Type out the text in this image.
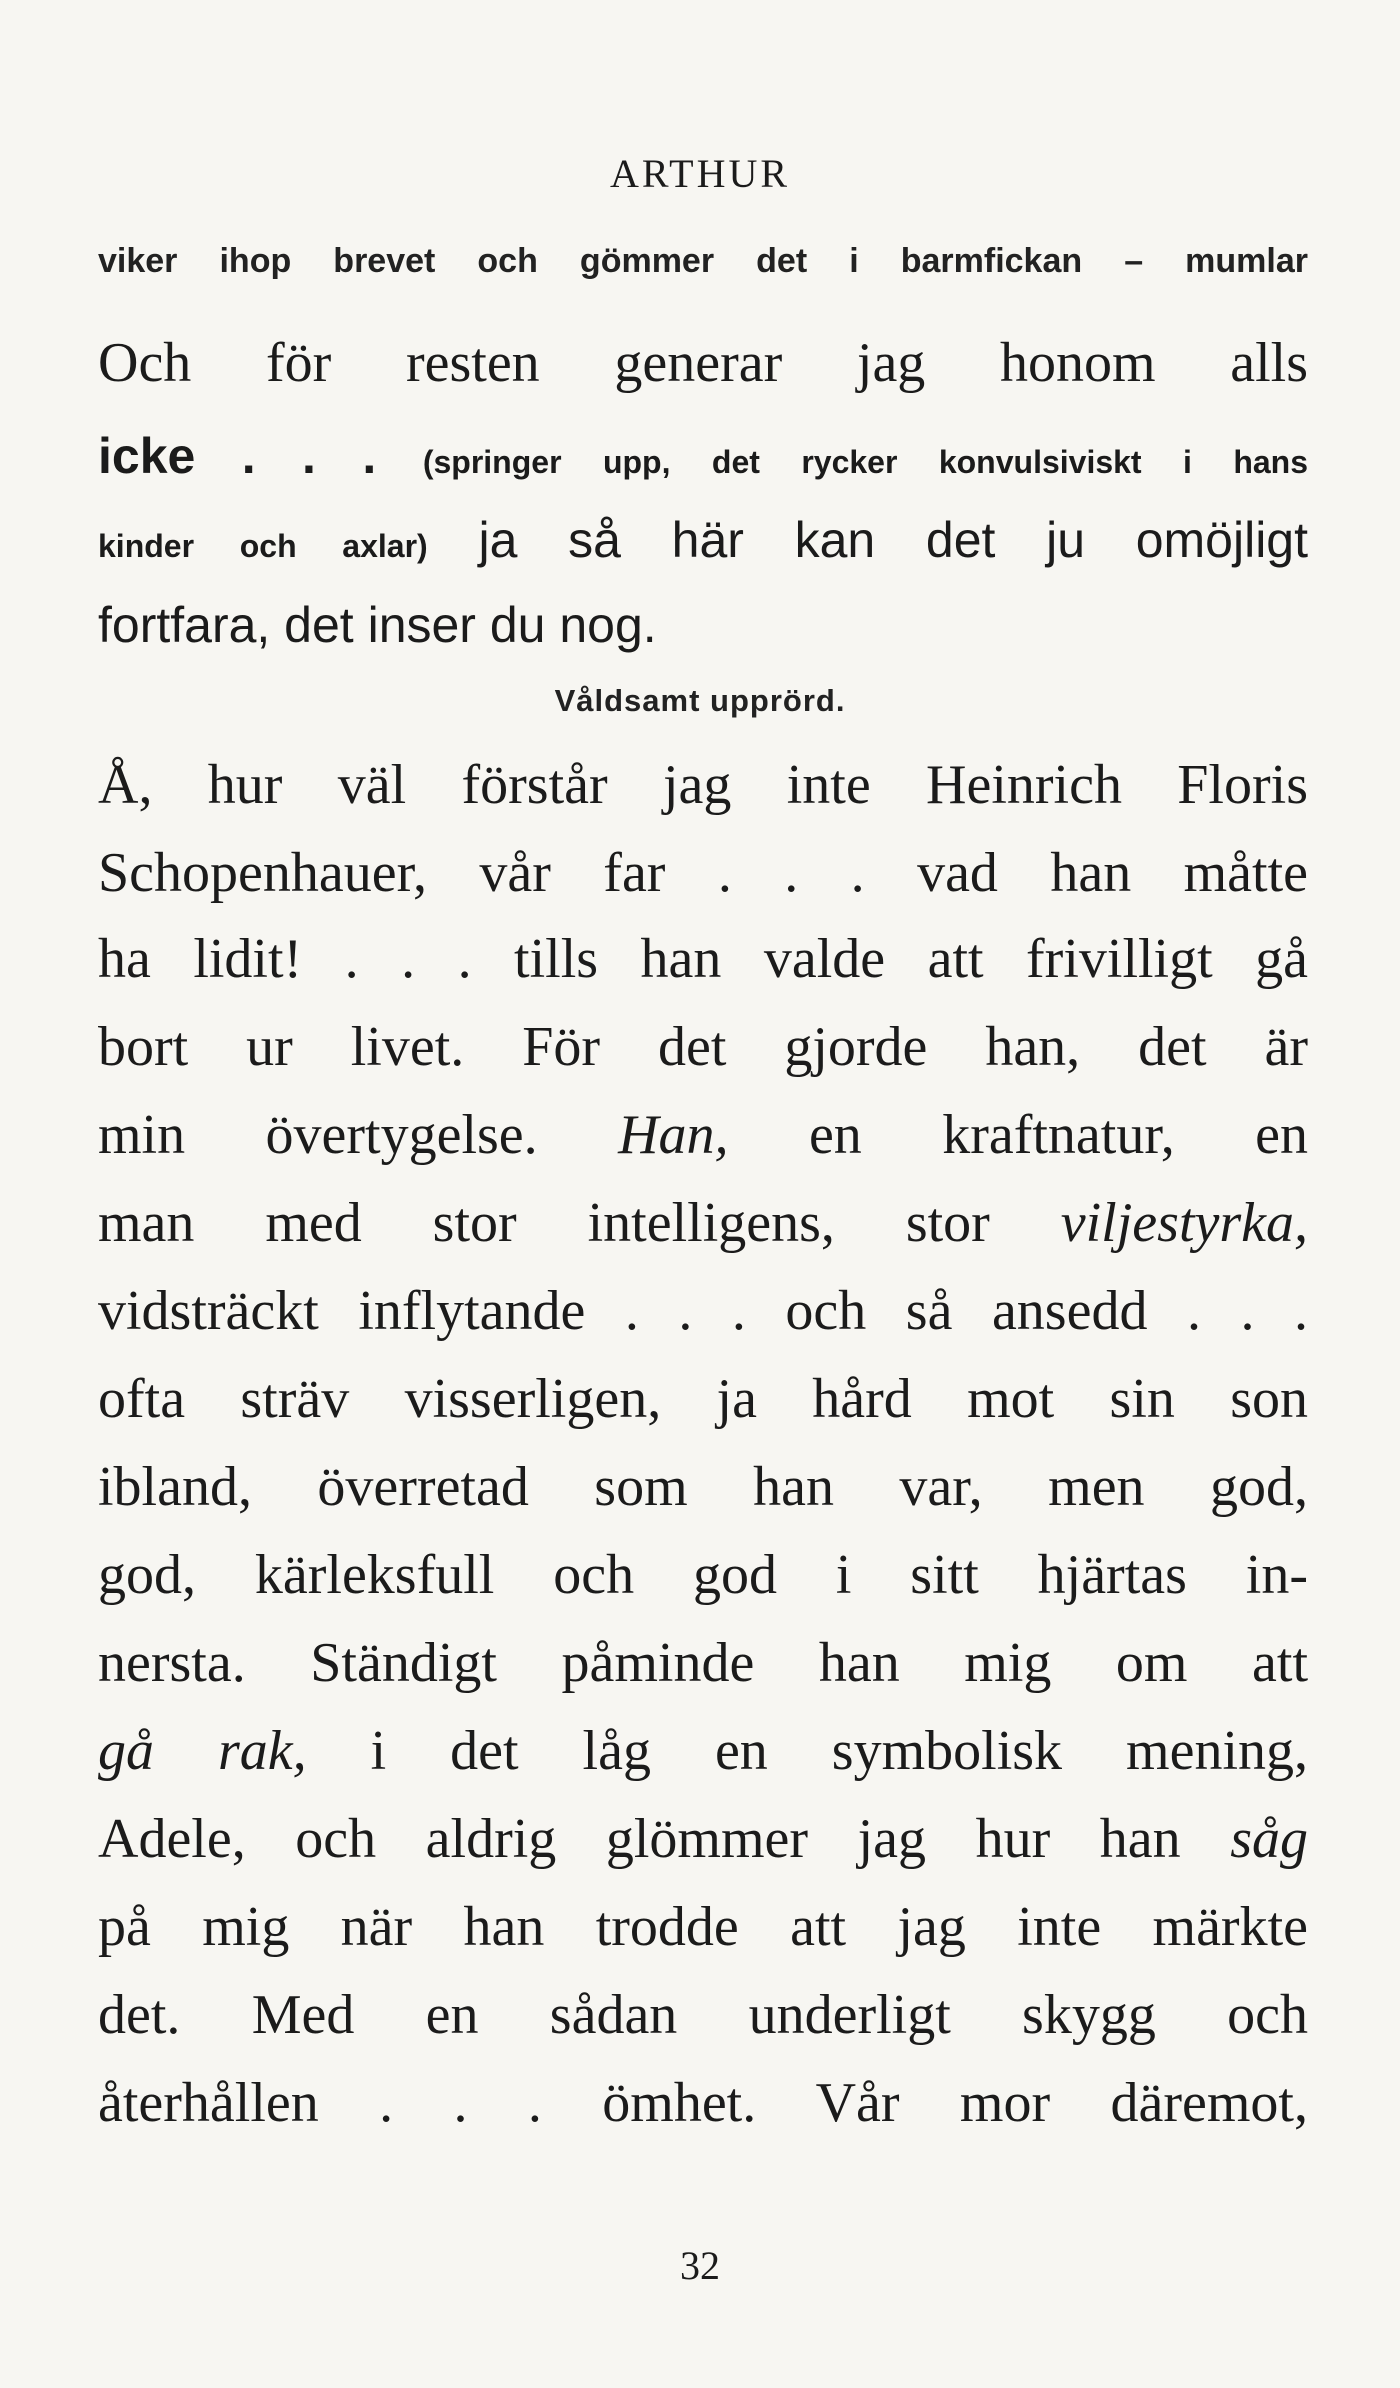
ARTHUR
viker ihop brevet och gömmer det i barmfickan – mumlar
Och för resten generar jag honom alls
icke . . . (springer upp, det rycker konvulsiviskt i hans
kinder och axlar) ja så här kan det ju omöjligt
fortfara, det inser du nog.
Våldsamt upprörd.
Å, hur väl förstår jag inte Heinrich Floris
Schopenhauer, vår far . . . vad han måtte
ha lidit! . . . tills han valde att frivilligt gå
bort ur livet. För det gjorde han, det är
min övertygelse. Han, en kraftnatur, en
man med stor intelligens, stor viljestyrka,
vidsträckt inflytande . . . och så ansedd . . .
ofta sträv visserligen, ja hård mot sin son
ibland, överretad som han var, men god,
god, kärleksfull och god i sitt hjärtas in-
nersta. Ständigt påminde han mig om att
gå rak, i det låg en symbolisk mening,
Adele, och aldrig glömmer jag hur han såg
på mig när han trodde att jag inte märkte
det. Med en sådan underligt skygg och
återhållen . . . ömhet. Vår mor däremot,
32
